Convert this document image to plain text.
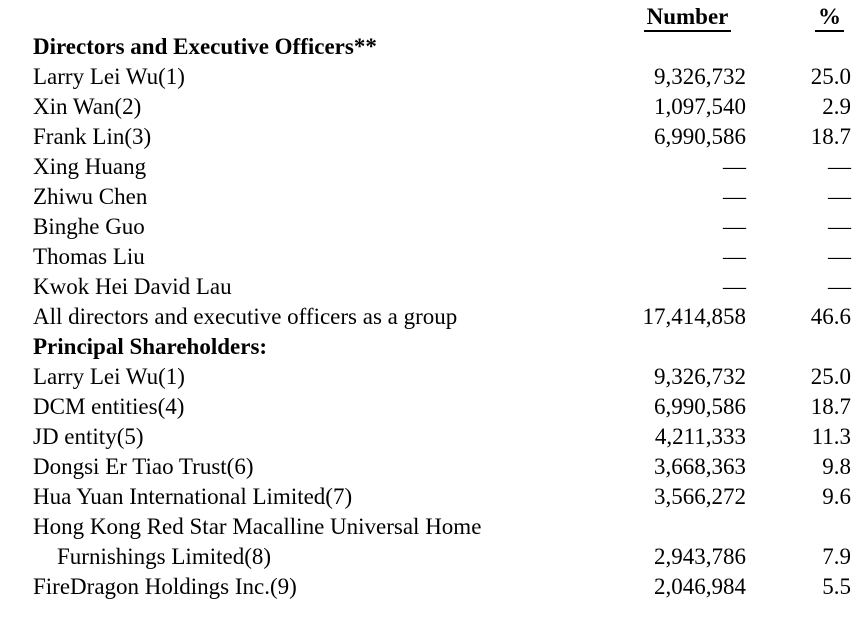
	Number	%
Directors and Executive Officers**		
Larry Lei Wu(1)	9,326,732	25.0
Xin Wan(2)	1,097,540	2.9
Frank Lin(3)	6,990,586	18.7
Xing Huang	—	—
Zhiwu Chen	—	—
Binghe Guo	—	—
Thomas Liu	—	—
Kwok Hei David Lau	—	—
All directors and executive officers as a group	17,414,858	46.6
Principal Shareholders:		
Larry Lei Wu(1)	9,326,732	25.0
DCM entities(4)	6,990,586	18.7
JD entity(5)	4,211,333	11.3
Dongsi Er Tiao Trust(6)	3,668,363	9.8
Hua Yuan International Limited(7)	3,566,272	9.6
Hong Kong Red Star Macalline Universal Home		
Furnishings Limited(8)	2,943,786	7.9
FireDragon Holdings Inc.(9)	2,046,984	5.5
